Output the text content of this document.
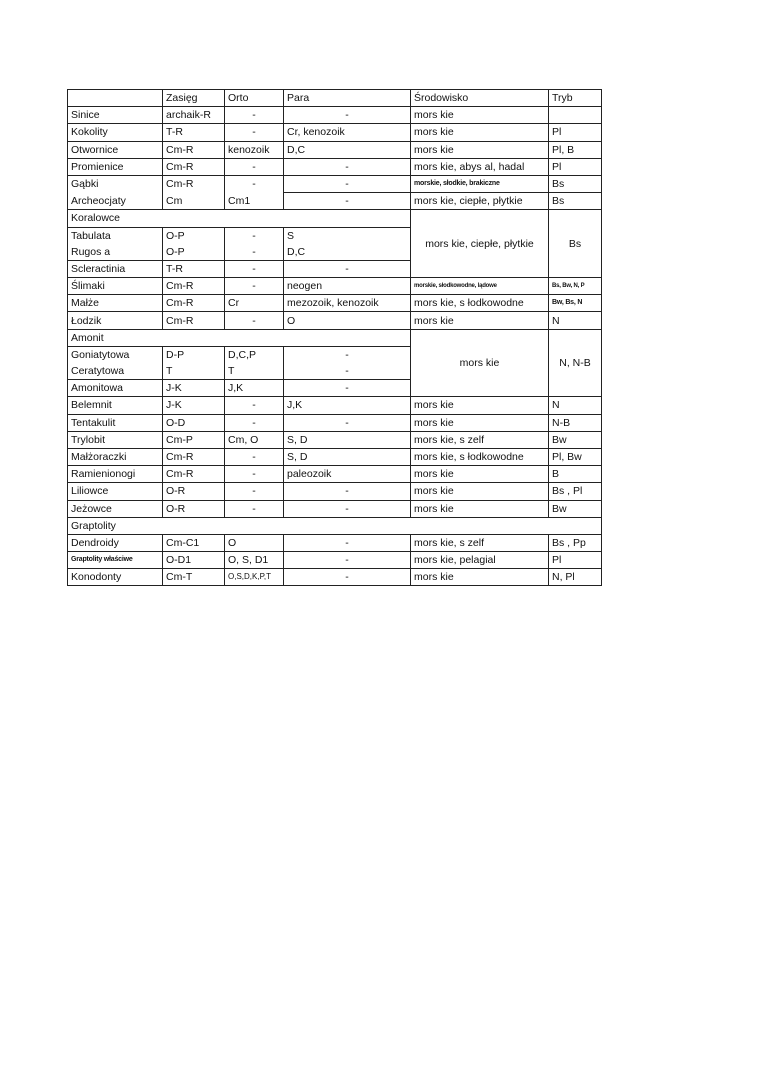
	Zasięg	Orto	Para	Środowisko	Tryb
Sinice	archaik-R	-	-	mors kie	
Kokolity	T-R	-	Cr, kenozoik	mors kie	Pl
Otwornice	Cm-R	kenozoik	D,C	mors kie	Pl, B
Promienice	Cm-R	-	-	mors kie, abys al, hadal	Pl
Gąbki	Cm-R	-	-	morskie, słodkie, brakiczne	Bs
Archeocjaty	Cm	Cm1	-	mors kie, ciepłe, płytkie	Bs
Koralowce				mors kie, ciepłe, płytkie	Bs
Tabulata	O-P	-	S		
Rugos a	O-P	-	D,C		
Scleractinia	T-R	-	-		
Ślimaki	Cm-R	-	neogen	morskie, słodkowodne, lądowe	Bs, Bw, N, P
Małże	Cm-R	Cr	mezozoik, kenozoik	mors kie, s łodkowodne	Bw, Bs, N
Łodzik	Cm-R	-	O	mors kie	N
Amonit				mors kie	N, N-B
Goniatytowa	D-P	D,C,P	-		
Ceratytowa	T	T	-		
Amonitowa	J-K	J,K	-		
Belemnit	J-K	-	J,K	mors kie	N
Tentakulit	O-D	-	-	mors kie	N-B
Trylobit	Cm-P	Cm, O	S, D	mors kie, s zelf	Bw
Małżoraczki	Cm-R	-	S, D	mors kie, s łodkowodne	Pl, Bw
Ramienionogi	Cm-R	-	paleozoik	mors kie	B
Liliowce	O-R	-	-	mors kie	Bs , Pl
Jeżowce	O-R	-	-	mors kie	Bw
Graptolity					
Dendroidy	Cm-C1	O	-	mors kie, s zelf	Bs , Pp
Graptolity właściwe	O-D1	O, S, D1	-	mors kie, pelagial	Pl
Konodonty	Cm-T	O,S,D,K,P,T	-	mors kie	N, Pl
